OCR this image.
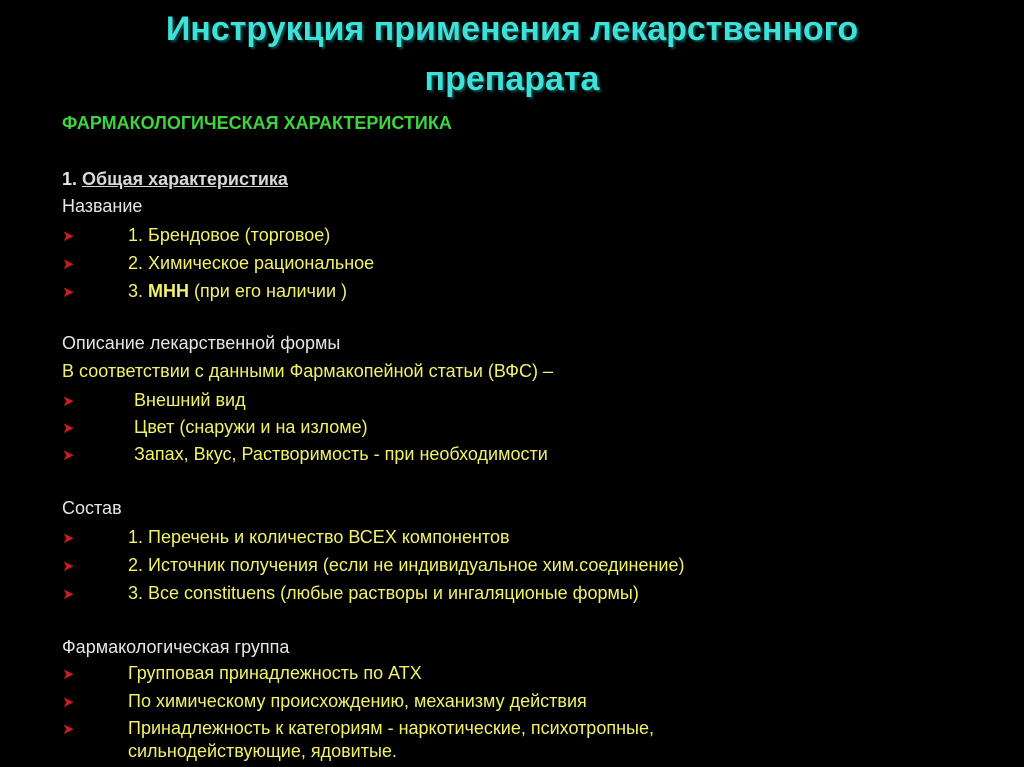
Инструкция применения лекарственного
препарата
ФАРМАКОЛОГИЧЕСКАЯ ХАРАКТЕРИСТИКА
1. Общая характеристика
Название
➤	1. Брендовое (торговое)
➤	2. Химическое рациональное
➤	3. МНН (при его наличии )
Описание лекарственной формы
В соответствии с данными Фармакопейной статьи (ВФС) –
➤	Внешний вид
➤	Цвет (снаружи и на изломе)
➤	Запах, Вкус, Растворимость - при необходимости
Состав
➤	1. Перечень и количество ВСЕХ компонентов
➤	2. Источник получения (если не индивидуальное хим.соединение)
➤	3. Все constituens (любые растворы и ингаляционые формы)
Фармакологическая группа
➤	Групповая принадлежность по АТХ
➤	По химическому происхождению, механизму действия
➤	Принадлежность к категориям - наркотические, психотропные,
сильнодействующие, ядовитые.
